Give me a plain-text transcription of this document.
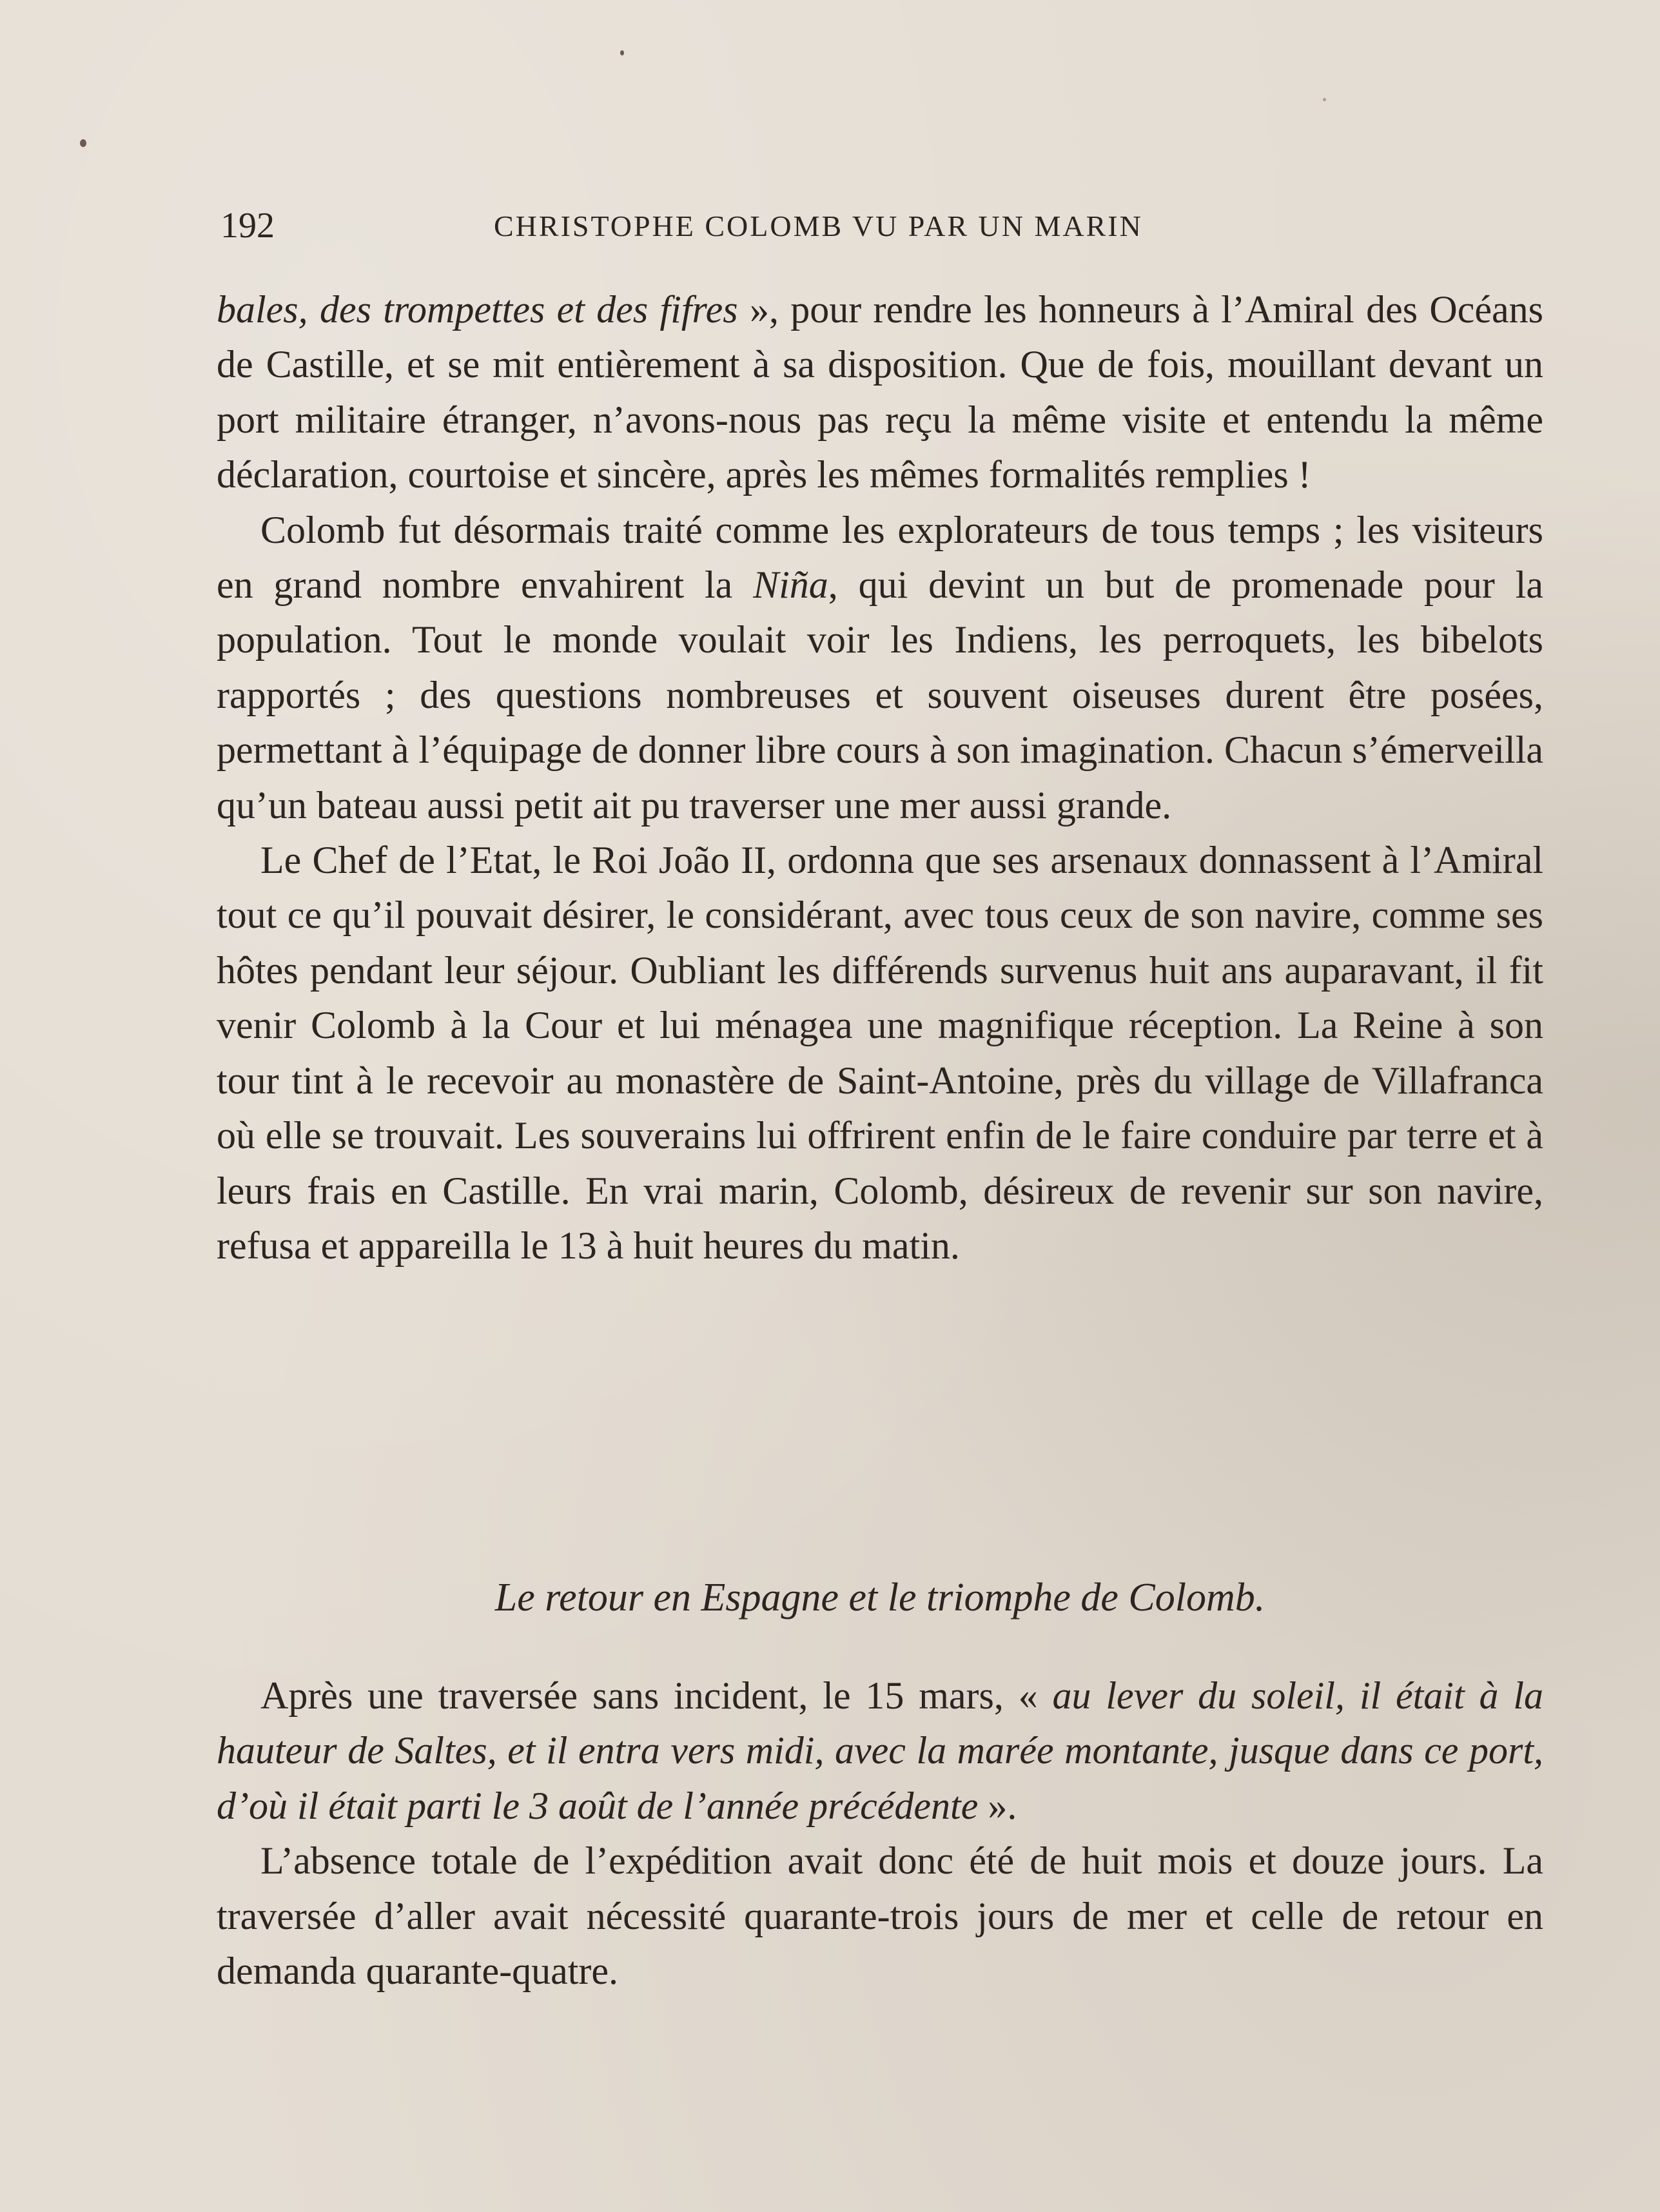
192	CHRISTOPHE COLOMB VU PAR UN MARIN

bales, des trompettes et des fifres », pour rendre les honneurs à l’Amiral des Océans de Castille, et se mit entièrement à sa disposition. Que de fois, mouillant devant un port militaire étranger, n’avons-nous pas reçu la même visite et entendu la même déclaration, courtoise et sincère, après les mêmes formalités remplies !

Colomb fut désormais traité comme les explorateurs de tous temps ; les visiteurs en grand nombre envahirent la Niña, qui devint un but de promenade pour la population. Tout le monde voulait voir les Indiens, les perroquets, les bibelots rapportés ; des questions nombreuses et souvent oiseuses durent être posées, permettant à l’équipage de donner libre cours à son imagination. Chacun s’émerveilla qu’un bateau aussi petit ait pu traverser une mer aussi grande.

Le Chef de l’Etat, le Roi João II, ordonna que ses arsenaux donnassent à l’Amiral tout ce qu’il pouvait désirer, le considérant, avec tous ceux de son navire, comme ses hôtes pendant leur séjour. Oubliant les différends survenus huit ans auparavant, il fit venir Colomb à la Cour et lui ménagea une magnifique réception. La Reine à son tour tint à le recevoir au monastère de Saint-Antoine, près du village de Villafranca où elle se trouvait. Les souverains lui offrirent enfin de le faire conduire par terre et à leurs frais en Castille. En vrai marin, Colomb, désireux de revenir sur son navire, refusa et appareilla le 13 à huit heures du matin.

Le retour en Espagne et le triomphe de Colomb.

Après une traversée sans incident, le 15 mars, « au lever du soleil, il était à la hauteur de Saltes, et il entra vers midi, avec la marée montante, jusque dans ce port, d’où il était parti le 3 août de l’année précédente ».

L’absence totale de l’expédition avait donc été de huit mois et douze jours. La traversée d’aller avait nécessité quarante-trois jours de mer et celle de retour en demanda quarante-quatre.
